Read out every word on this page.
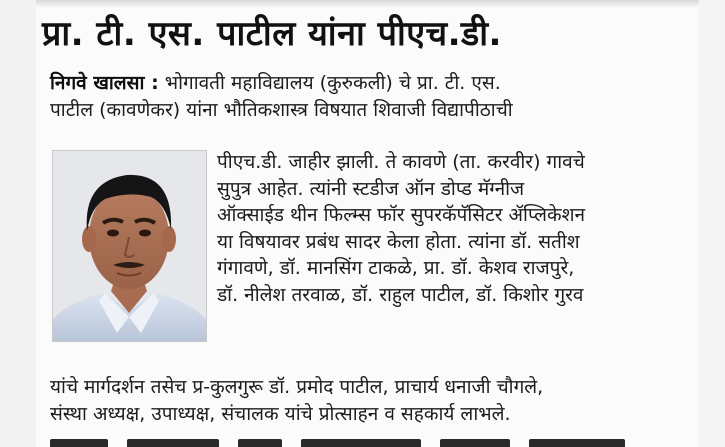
प्रा. टी. एस. पाटील यांना पीएच.डी.

निगवे खालसा : भोगावती महाविद्यालय (कुरुकली) चे प्रा. टी. एस.
पाटील (कावणेकर) यांना भौतिकशास्त्र विषयात शिवाजी विद्यापीठाची

पीएच.डी. जाहीर झाली. ते कावणे (ता. करवीर) गावचे
सुपुत्र आहेत. त्यांनी स्टडीज ऑन डोप्ड मॅग्नीज
ऑक्साईड थीन फिल्म्स फॉर सुपरकॅपॅसिटर ॲप्लिकेशन
या विषयावर प्रबंध सादर केला होता. त्यांना डॉ. सतीश
गंगावणे, डॉ. मानसिंग टाकळे, प्रा. डॉ. केशव राजपुरे,
डॉ. नीलेश तरवाळ, डॉ. राहुल पाटील, डॉ. किशोर गुरव

यांचे मार्गदर्शन तसेच प्र-कुलगुरू डॉ. प्रमोद पाटील, प्राचार्य धनाजी चौगले,
संस्था अध्यक्ष, उपाध्यक्ष, संचालक यांचे प्रोत्साहन व सहकार्य लाभले.
